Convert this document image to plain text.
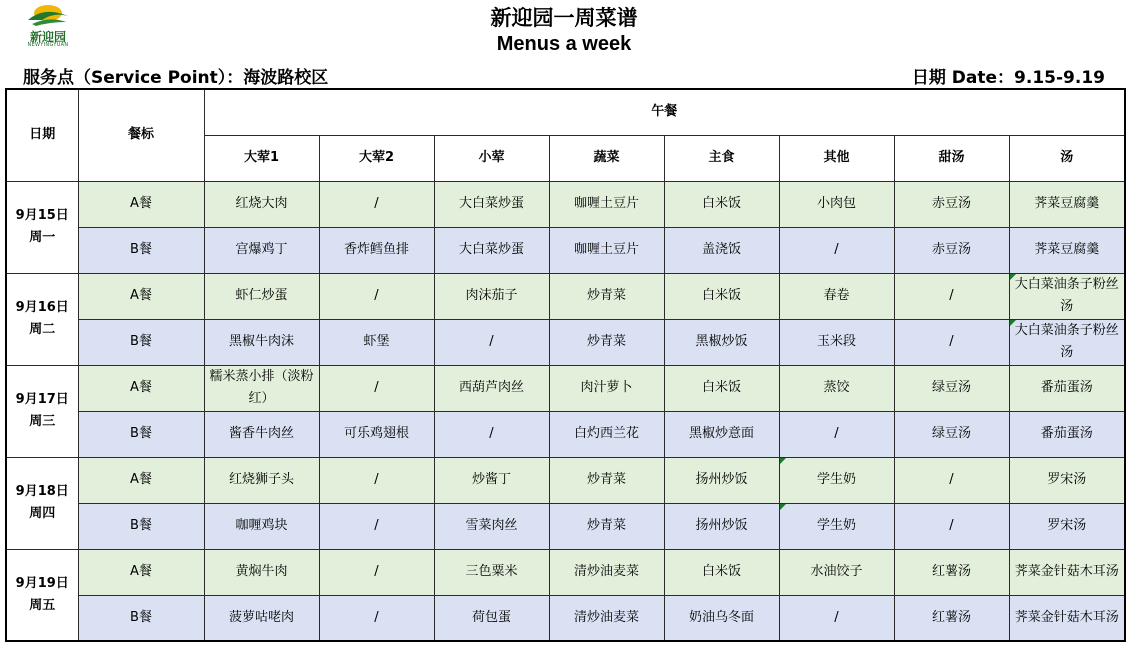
新迎园
NEWYINGYUAN
新迎园一周菜谱
Menus a week
服务点（Service Point）：海波路校区	日期 Date：9.15-9.19
日期	餐标	午餐							
		大荤1	大荤2	小荤	蔬菜	主食	其他	甜汤	汤

9月15日
周一	A餐	红烧大肉	/	大白菜炒蛋	咖喱土豆片	白米饭	小肉包	赤豆汤	荠菜豆腐羹
	B餐	宫爆鸡丁	香炸鳕鱼排	大白菜炒蛋	咖喱土豆片	盖浇饭	/	赤豆汤	荠菜豆腐羹

9月16日
周二	A餐	虾仁炒蛋	/	肉沫茄子	炒青菜	白米饭	春卷	/	大白菜油条子粉丝汤
	B餐	黑椒牛肉沫	虾堡	/	炒青菜	黑椒炒饭	玉米段	/	大白菜油条子粉丝汤

9月17日
周三	A餐	糯米蒸小排（淡粉红）	/	西葫芦肉丝	肉汁萝卜	白米饭	蒸饺	绿豆汤	番茄蛋汤
	B餐	酱香牛肉丝	可乐鸡翅根	/	白灼西兰花	黑椒炒意面	/	绿豆汤	番茄蛋汤

9月18日
周四	A餐	红烧狮子头	/	炒酱丁	炒青菜	扬州炒饭	学生奶	/	罗宋汤
	B餐	咖喱鸡块	/	雪菜肉丝	炒青菜	扬州炒饭	学生奶	/	罗宋汤

9月19日
周五	A餐	黄焖牛肉	/	三色粟米	清炒油麦菜	白米饭	水油饺子	红薯汤	荠菜金针菇木耳汤
	B餐	菠萝咕咾肉	/	荷包蛋	清炒油麦菜	奶油乌冬面	/	红薯汤	荠菜金针菇木耳汤
